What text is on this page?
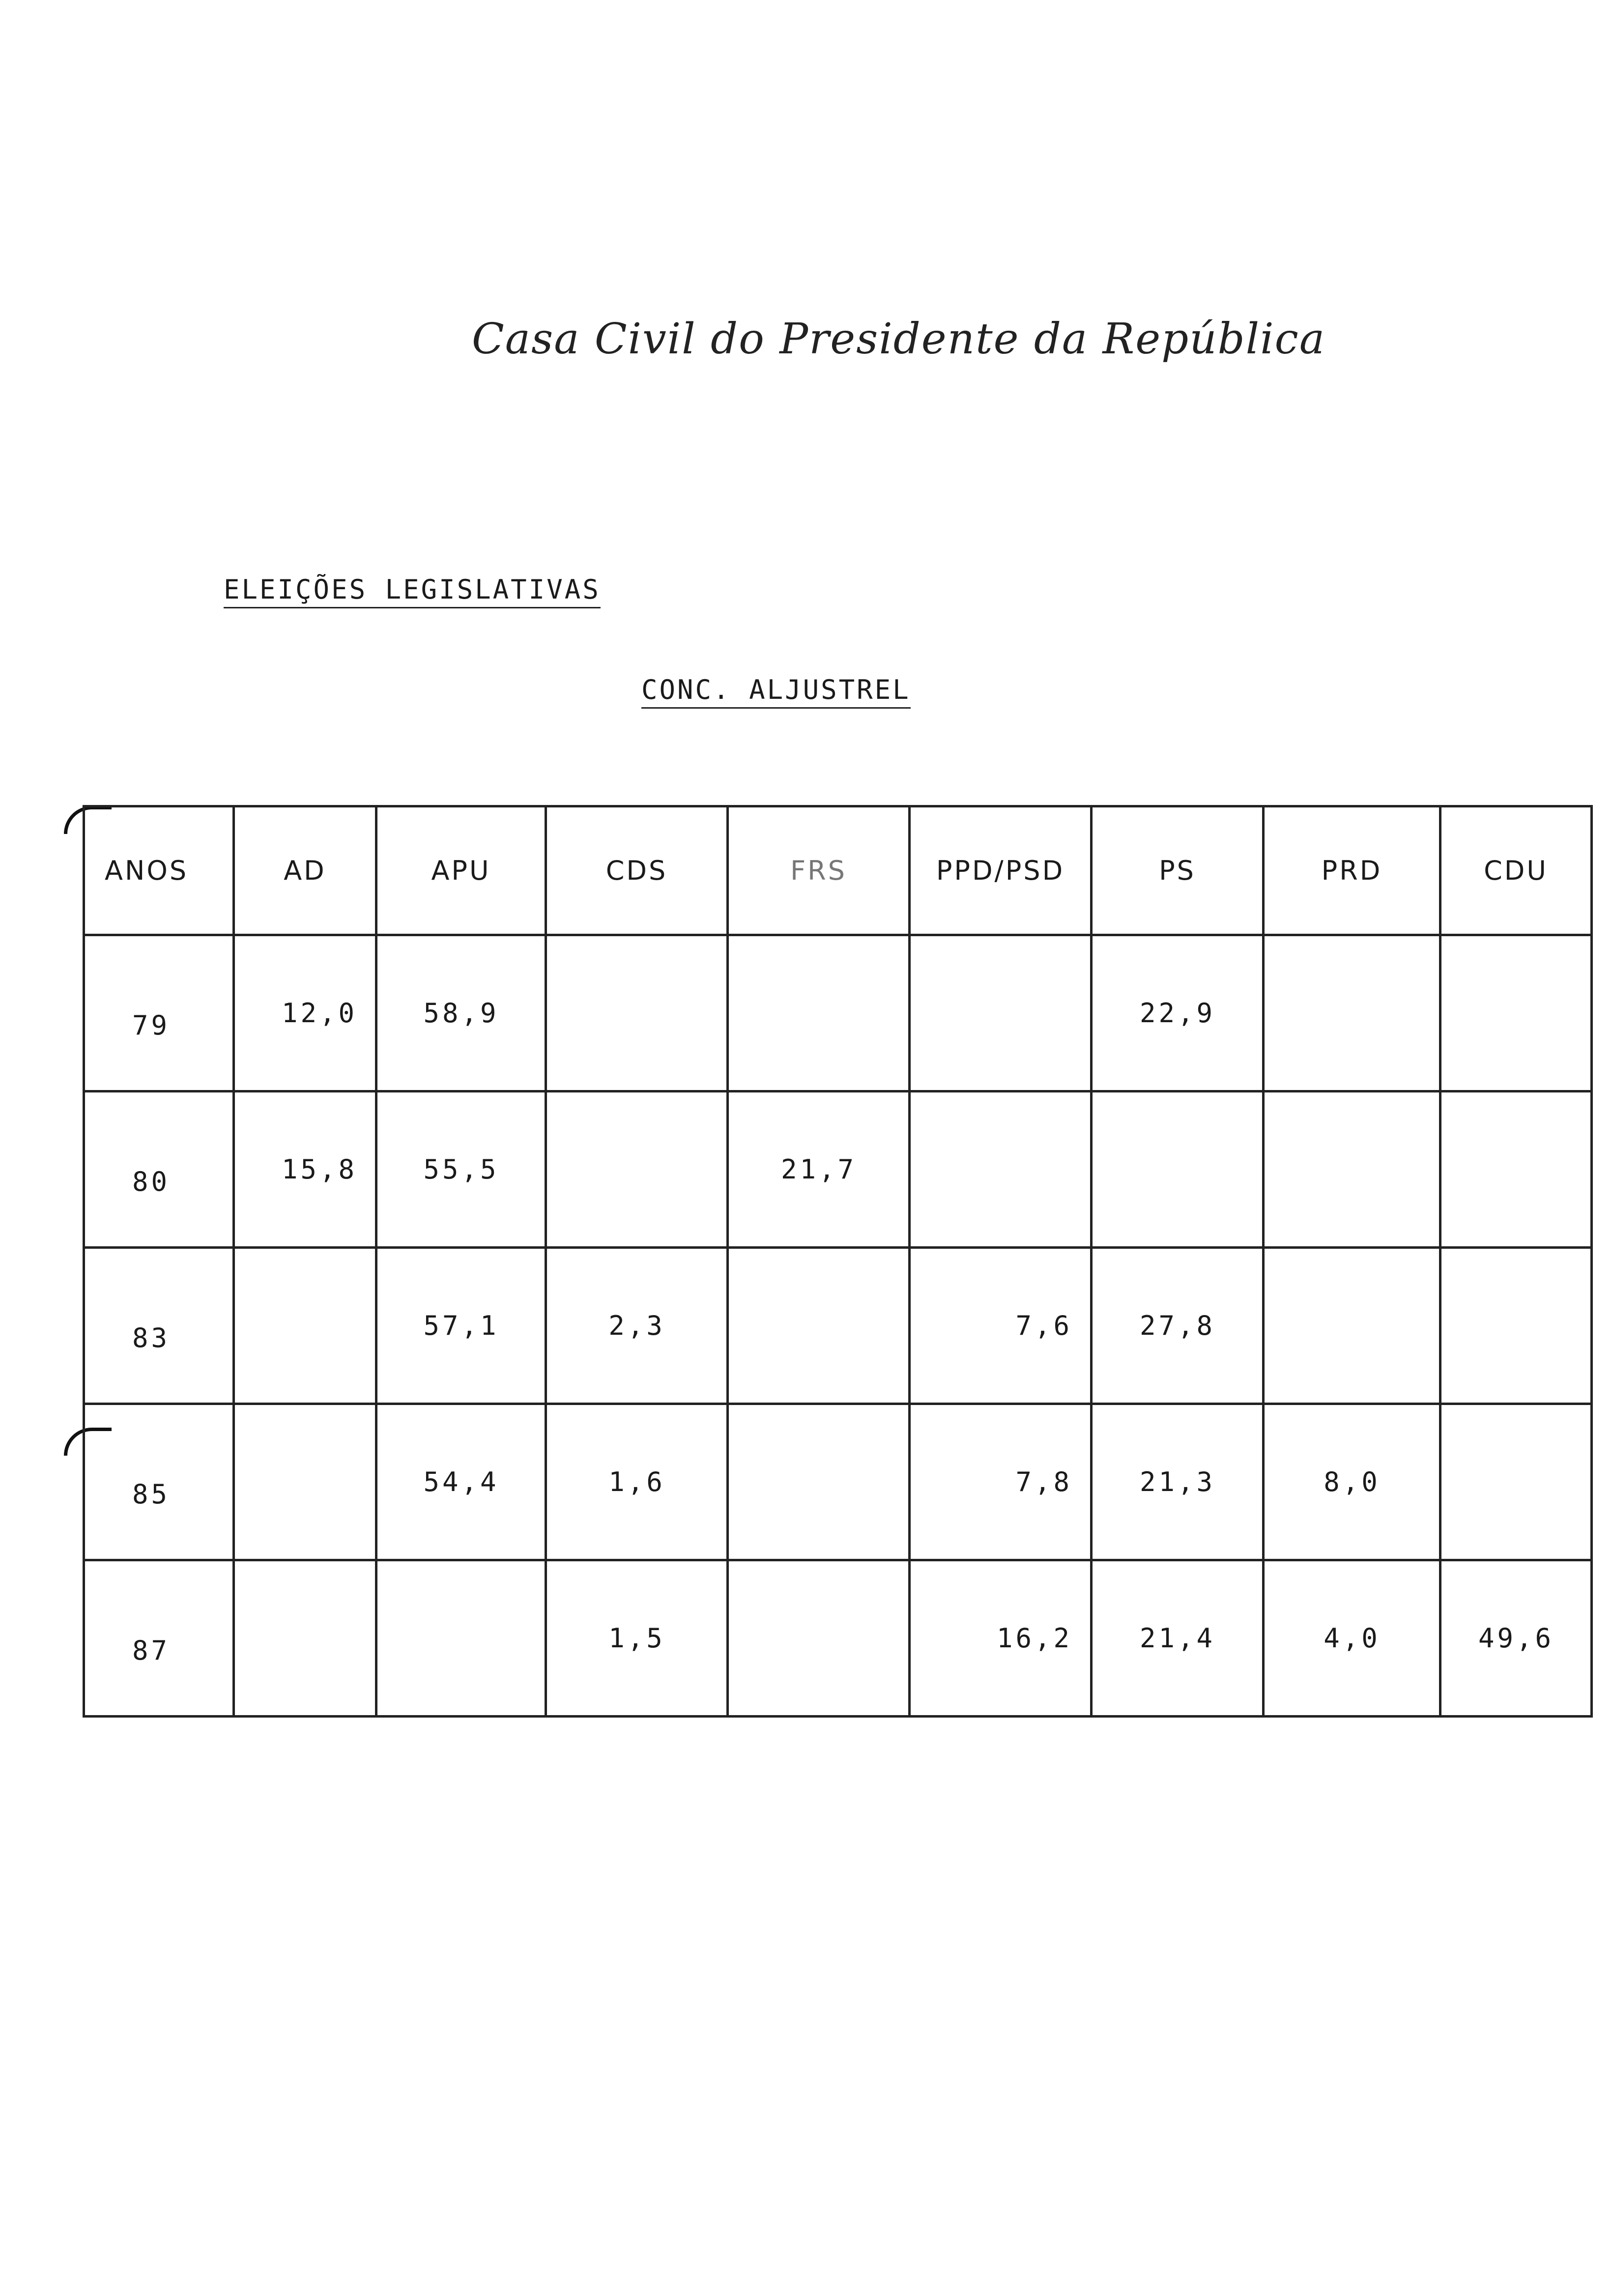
Casa Civil do Presidente da República
ELEIÇÕES LEGISLATIVAS
CONC. ALJUSTREL
ANOS	AD	APU	CDS	FRS	PPD/PSD	PS	PRD	CDU
79	12,0	58,9				22,9		
80	15,8	55,5		21,7				
83		57,1	2,3		7,6	27,8		
85		54,4	1,6		7,8	21,3	8,0	
87			1,5		16,2	21,4	4,0	49,6
